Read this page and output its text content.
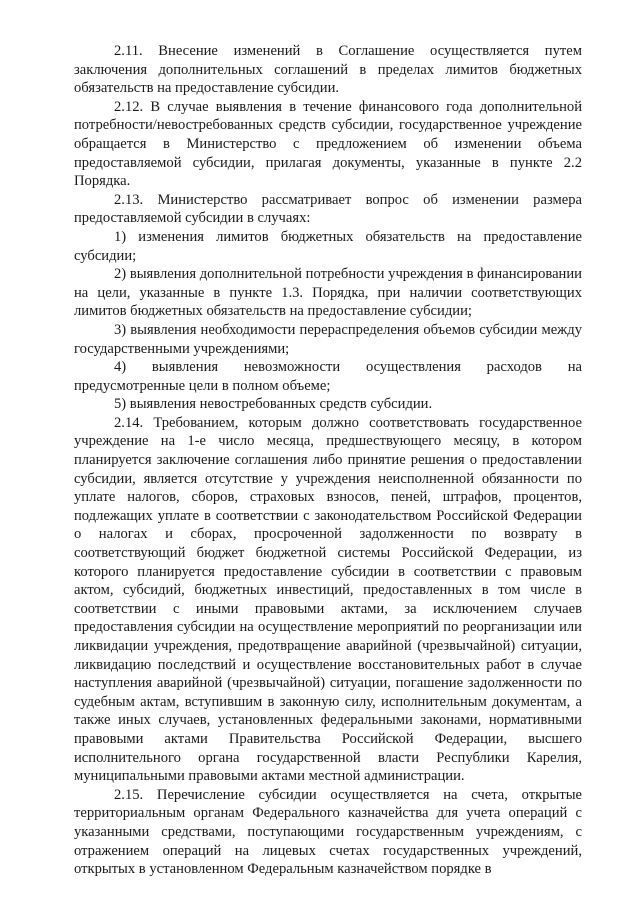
2.11. Внесение изменений в Соглашение осуществляется путем заключения дополнительных соглашений в пределах лимитов бюджетных обязательств на предоставление субсидии.

2.12. В случае выявления в течение финансового года дополнительной потребности/невостребованных средств субсидии, государственное учреждение обращается в Министерство с предложением об изменении объема предоставляемой субсидии, прилагая документы, указанные в пункте 2.2 Порядка.

2.13. Министерство рассматривает вопрос об изменении размера предоставляемой субсидии в случаях:

1) изменения лимитов бюджетных обязательств на предоставление субсидии;

2) выявления дополнительной потребности учреждения в финансировании на цели, указанные в пункте 1.3. Порядка, при наличии соответствующих лимитов бюджетных обязательств на предоставление субсидии;

3) выявления необходимости перераспределения объемов субсидии между государственными учреждениями;

4) выявления невозможности осуществления расходов на предусмотренные цели в полном объеме;

5) выявления невостребованных средств субсидии.

2.14. Требованием, которым должно соответствовать государственное учреждение на 1-е число месяца, предшествующего месяцу, в котором планируется заключение соглашения либо принятие решения о предоставлении субсидии, является отсутствие у учреждения неисполненной обязанности по уплате налогов, сборов, страховых взносов, пеней, штрафов, процентов, подлежащих уплате в соответствии с законодательством Российской Федерации о налогах и сборах, просроченной задолженности по возврату в соответствующий бюджет бюджетной системы Российской Федерации, из которого планируется предоставление субсидии в соответствии с правовым актом, субсидий, бюджетных инвестиций, предоставленных в том числе в соответствии с иными правовыми актами, за исключением случаев предоставления субсидии на осуществление мероприятий по реорганизации или ликвидации учреждения, предотвращение аварийной (чрезвычайной) ситуации, ликвидацию последствий и осуществление восстановительных работ в случае наступления аварийной (чрезвычайной) ситуации, погашение задолженности по судебным актам, вступившим в законную силу, исполнительным документам, а также иных случаев, установленных федеральными законами, нормативными правовыми актами Правительства Российской Федерации, высшего исполнительного органа государственной власти Республики Карелия, муниципальными правовыми актами местной администрации.

2.15. Перечисление субсидии осуществляется на счета, открытые территориальным органам Федерального казначейства для учета операций с указанными средствами, поступающими государственным учреждениям, с отражением операций на лицевых счетах государственных учреждений, открытых в установленном Федеральным казначейством порядке в
